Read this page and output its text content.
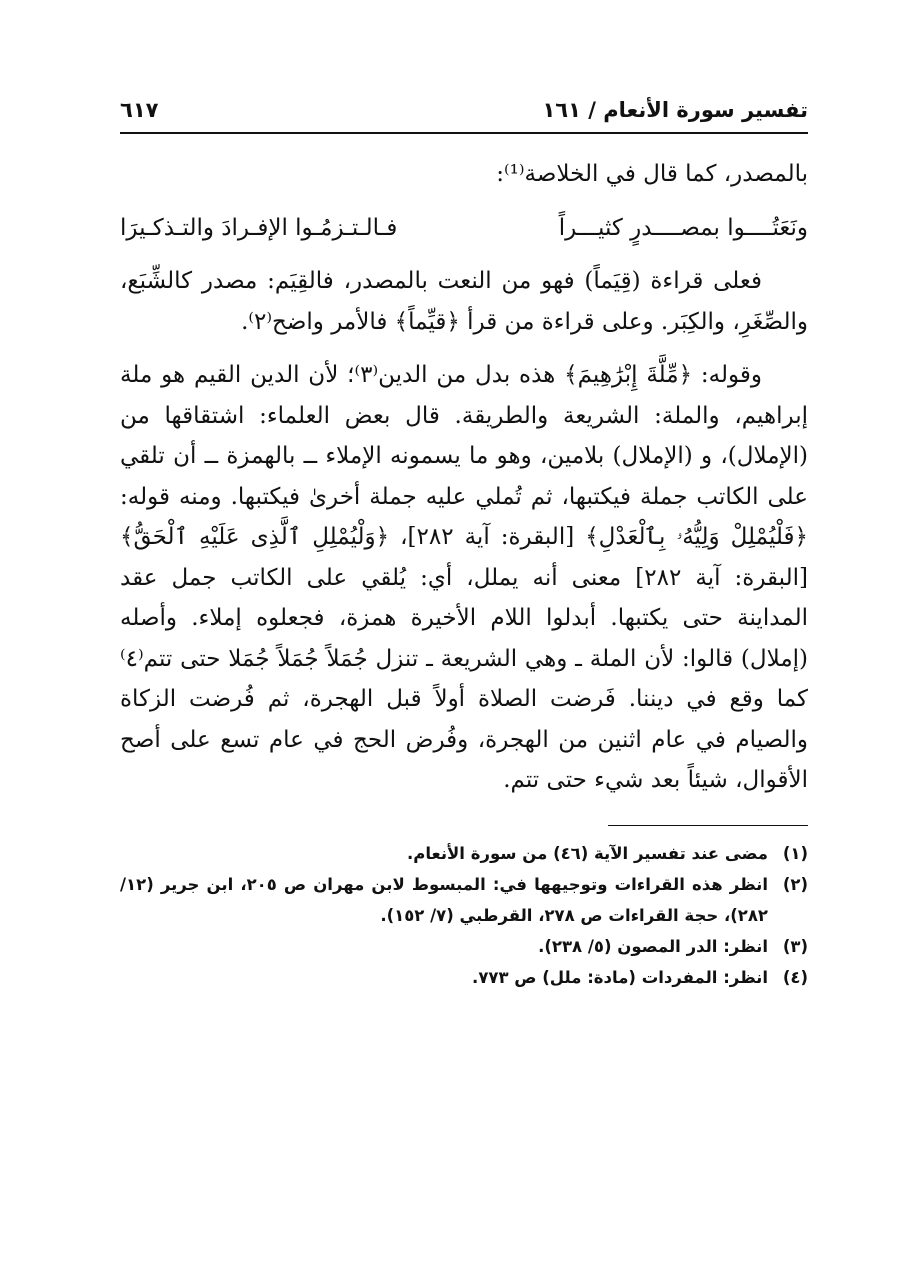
تفسير سورة الأنعام / ١٦١
٦١٧

بالمصدر، كما قال في الخلاصة⁽¹⁾:

ونَعَتُــــوا بمصــــدرٍ كثيـــراً
فـالـتـزمُـوا الإفـرادَ والتـذكـيرَا

فعلى قراءة (قِيَماً) فهو من النعت بالمصدر، فالقِيَم: مصدر كالشِّبَع، والصِّغَرِ، والكِبَر. وعلى قراءة من قرأ ﴿قيِّماً﴾ فالأمر واضح⁽٢⁾.

وقوله: ﴿مِّلَّةَ إِبْرَٰهِيمَ﴾ هذه بدل من الدين⁽٣⁾؛ لأن الدين القيم هو ملة إبراهيم، والملة: الشريعة والطريقة. قال بعض العلماء: اشتقاقها من (الإملال)، و (الإملال) بلامين، وهو ما يسمونه الإملاء ــ بالهمزة ــ أن تلقي على الكاتب جملة فيكتبها، ثم تُملي عليه جملة أخرىٰ فيكتبها. ومنه قوله: ﴿فَلْيُمْلِلْ وَلِيُّهُۥ بِٱلْعَدْلِ﴾ [البقرة: آية ٢٨٢]، ﴿وَلْيُمْلِلِ ٱلَّذِى عَلَيْهِ ٱلْحَقُّ﴾ [البقرة: آية ٢٨٢] معنى أنه يملل، أي: يُلقي على الكاتب جمل عقد المداينة حتى يكتبها. أبدلوا اللام الأخيرة همزة، فجعلوه إملاء. وأصله (إملال) قالوا: لأن الملة ـ وهي الشريعة ـ تنزل جُمَلاً جُمَلاً جُمَلا حتى تتم⁽٤⁾ كما وقع في ديننا. فَرضت الصلاة أولاً قبل الهجرة، ثم فُرضت الزكاة والصيام في عام اثنين من الهجرة، وفُرض الحج في عام تسع على أصح الأقوال، شيئاً بعد شيء حتى تتم.

(١)
مضى عند تفسير الآية (٤٦) من سورة الأنعام.
(٢)
انظر هذه القراءات وتوجيهها في: المبسوط لابن مهران ص ٢٠٥، ابن جرير (١٢/ ٢٨٢)، حجة القراءات ص ٢٧٨، القرطبي (٧/ ١٥٢).
(٣)
انظر: الدر المصون (٥/ ٢٣٨).
(٤)
انظر: المفردات (مادة: ملل) ص ٧٧٣.
